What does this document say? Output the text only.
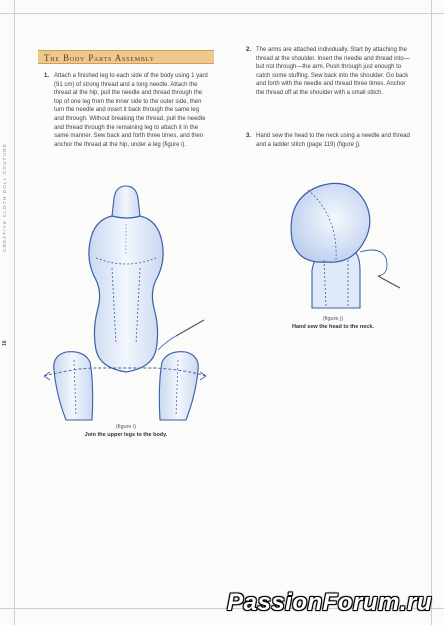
CREATIVE CLOTH DOLL COUTURE
18
The Body Parts Assembly
1. Attach a finished leg to each side of the body using 1 yard (91 cm) of strong thread and a long needle. Attach the thread at the hip, pull the needle and thread through the top of one leg from the inner side to the outer side, then turn the needle and insert it back through the same leg and through. Without breaking the thread, pull the needle and thread through the remaining leg to attach it in the same manner. Sew back and forth three times, and then anchor the thread at the hip, under a leg (figure i).
2. The arms are attached individually. Start by attaching the thread at the shoulder. Insert the needle and thread into—but not through—the arm. Push through just enough to catch some stuffing. Sew back into the shoulder. Go back and forth with the needle and thread three times. Anchor the thread off at the shoulder with a small stitch.
3. Hand sew the head to the neck using a needle and thread and a ladder stitch (page 119) (figure j).
(figure i)
Join the upper legs to the body.
(figure j)
Hand sew the head to the neck.
PassionForum.ru
